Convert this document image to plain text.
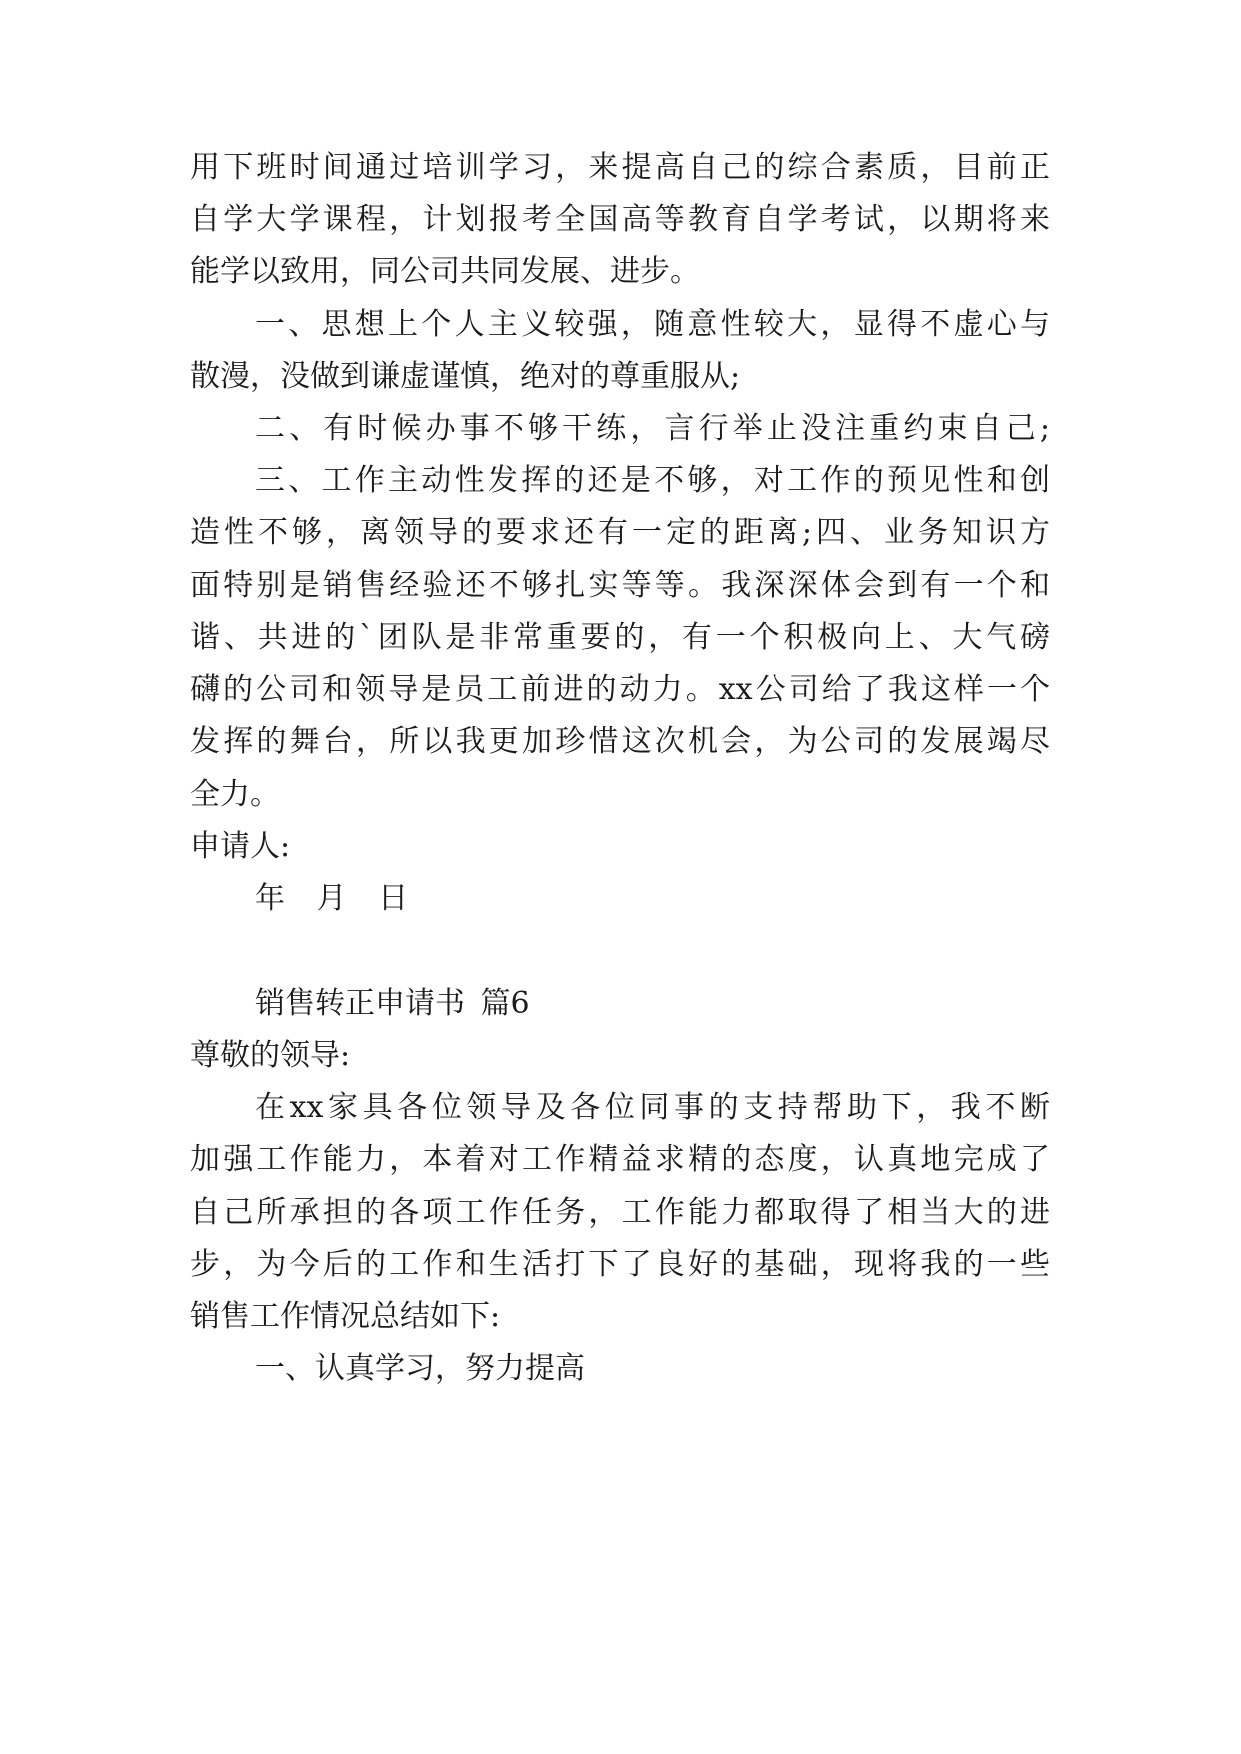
用下班时间通过培训学习，来提高自己的综合素质，目前正
自学大学课程，计划报考全国高等教育自学考试，以期将来
能学以致用，同公司共同发展、进步。
一、思想上个人主义较强，随意性较大，显得不虚心与
散漫，没做到谦虚谨慎，绝对的尊重服从;
二、有时候办事不够干练，言行举止没注重约束自己;
三、工作主动性发挥的还是不够，对工作的预见性和创
造性不够，离领导的要求还有一定的距离;四、业务知识方
面特别是销售经验还不够扎实等等。我深深体会到有一个和
谐、共进的`团队是非常重要的，有一个积极向上、大气磅
礴的公司和领导是员工前进的动力。xx公司给了我这样一个
发挥的舞台，所以我更加珍惜这次机会，为公司的发展竭尽
全力。
申请人:
年 月 日
销售转正申请书 篇6
尊敬的领导:
在xx家具各位领导及各位同事的支持帮助下，我不断
加强工作能力，本着对工作精益求精的态度，认真地完成了
自己所承担的各项工作任务，工作能力都取得了相当大的进
步，为今后的工作和生活打下了良好的基础，现将我的一些
销售工作情况总结如下:
一、认真学习，努力提高
